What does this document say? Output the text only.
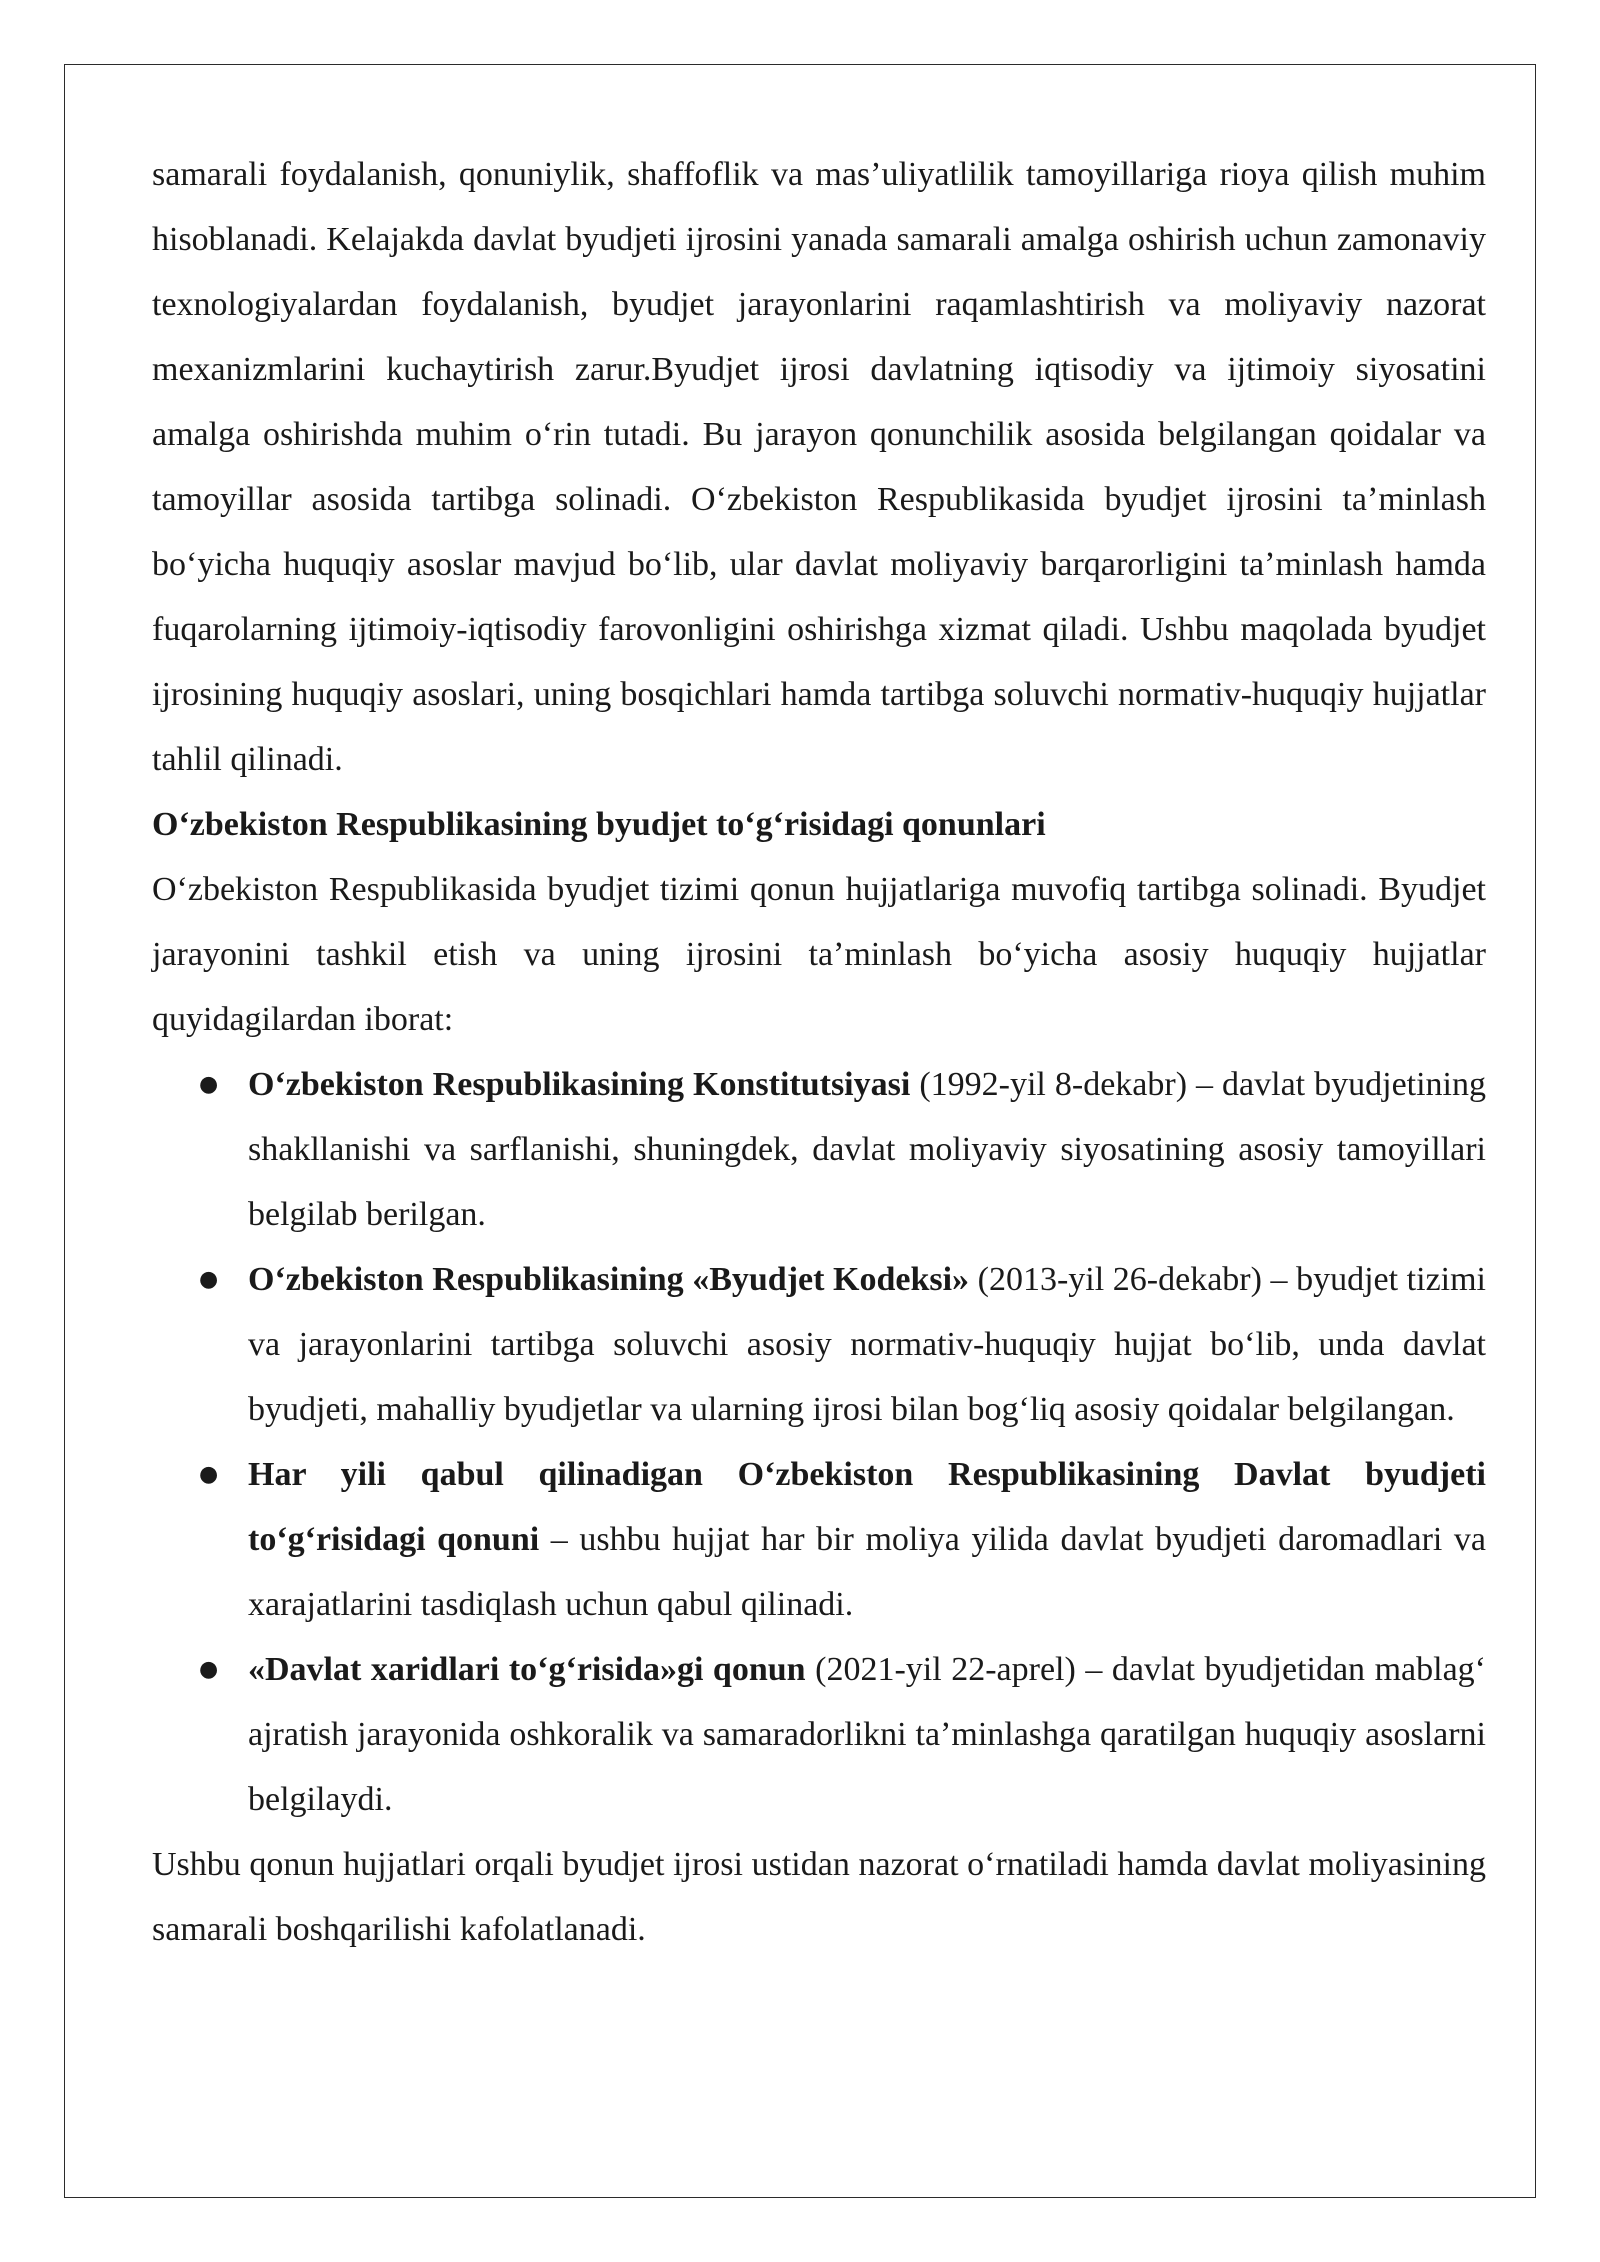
samarali foydalanish, qonuniylik, shaffoflik va mas’uliyatlilik tamoyillariga rioya qilish muhim hisoblanadi. Kelajakda davlat byudjeti ijrosini yanada samarali amalga oshirish uchun zamonaviy texnologiyalardan foydalanish, byudjet jarayonlarini raqamlashtirish va moliyaviy nazorat mexanizmlarini kuchaytirish zarur.Byudjet ijrosi davlatning iqtisodiy va ijtimoiy siyosatini amalga oshirishda muhim oʻrin tutadi. Bu jarayon qonunchilik asosida belgilangan qoidalar va tamoyillar asosida tartibga solinadi. Oʻzbekiston Respublikasida byudjet ijrosini taʼminlash boʻyicha huquqiy asoslar mavjud boʻlib, ular davlat moliyaviy barqarorligini taʼminlash hamda fuqarolarning ijtimoiy-iqtisodiy farovonligini oshirishga xizmat qiladi. Ushbu maqolada byudjet ijrosining huquqiy asoslari, uning bosqichlari hamda tartibga soluvchi normativ-huquqiy hujjatlar tahlil qilinadi.

Oʻzbekiston Respublikasining byudjet toʻgʻrisidagi qonunlari

Oʻzbekiston Respublikasida byudjet tizimi qonun hujjatlariga muvofiq tartibga solinadi. Byudjet jarayonini tashkil etish va uning ijrosini taʼminlash boʻyicha asosiy huquqiy hujjatlar quyidagilardan iborat:

● Oʻzbekiston Respublikasining Konstitutsiyasi (1992-yil 8-dekabr) – davlat byudjetining shakllanishi va sarflanishi, shuningdek, davlat moliyaviy siyosatining asosiy tamoyillari belgilab berilgan.
● Oʻzbekiston Respublikasining «Byudjet Kodeksi» (2013-yil 26-dekabr) – byudjet tizimi va jarayonlarini tartibga soluvchi asosiy normativ-huquqiy hujjat boʻlib, unda davlat byudjeti, mahalliy byudjetlar va ularning ijrosi bilan bogʻliq asosiy qoidalar belgilangan.
● Har yili qabul qilinadigan Oʻzbekiston Respublikasining Davlat byudjeti toʻgʻrisidagi qonuni – ushbu hujjat har bir moliya yilida davlat byudjeti daromadlari va xarajatlarini tasdiqlash uchun qabul qilinadi.
● «Davlat xaridlari toʻgʻrisida»gi qonun (2021-yil 22-aprel) – davlat byudjetidan mablagʻ ajratish jarayonida oshkoralik va samaradorlikni taʼminlashga qaratilgan huquqiy asoslarni belgilaydi.

Ushbu qonun hujjatlari orqali byudjet ijrosi ustidan nazorat oʻrnatiladi hamda davlat moliyasining samarali boshqarilishi kafolatlanadi.
